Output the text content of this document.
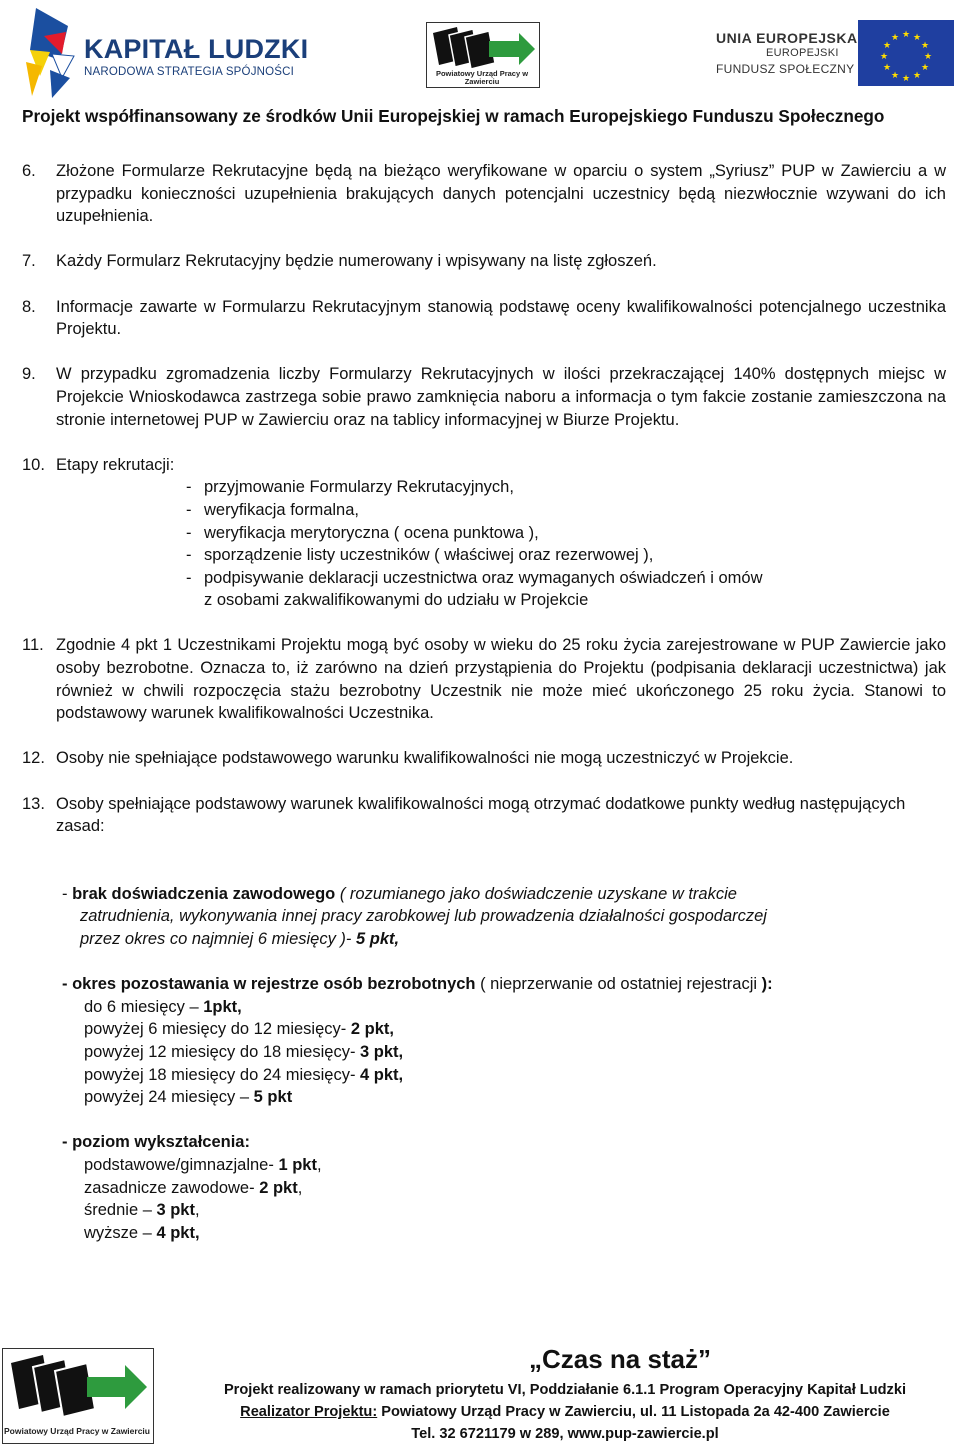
KAPITAŁ LUDZKI
NARODOWA STRATEGIA SPÓJNOŚCI	Powiatowy Urząd Pracy w Zawierciu
UNIA EUROPEJSKA
EUROPEJSKI
FUNDUSZ SPOŁECZNY
★ ★
★
★
★
★
★
★
★
★
★
★
Projekt współfinansowany ze środków Unii Europejskiej w ramach Europejskiego Funduszu Społecznego
6.	Złożone Formularze Rekrutacyjne będą na bieżąco weryfikowane w oparciu o system „Syriusz” PUP w Zawierciu a w przypadku konieczności uzupełnienia brakujących danych potencjalni uczestnicy będą niezwłocznie wzywani do ich uzupełnienia.
7.	Każdy Formularz Rekrutacyjny będzie numerowany i wpisywany na listę zgłoszeń.
8.	Informacje zawarte w Formularzu Rekrutacyjnym stanowią podstawę oceny kwalifikowalności potencjalnego uczestnika Projektu.
9.	W przypadku zgromadzenia liczby Formularzy Rekrutacyjnych w ilości przekraczającej 140% dostępnych miejsc w Projekcie Wnioskodawca zastrzega sobie prawo zamknięcia naboru a informacja o tym fakcie zostanie zamieszczona na stronie internetowej PUP w Zawierciu oraz na tablicy informacyjnej w Biurze Projektu.
10. Etapy rekrutacji:
- przyjmowanie Formularzy Rekrutacyjnych,
- weryfikacja formalna,
- weryfikacja merytoryczna ( ocena punktowa ),
- sporządzenie listy uczestników ( właściwej oraz rezerwowej ),
- podpisywanie deklaracji uczestnictwa oraz wymaganych oświadczeń i omów
z osobami zakwalifikowanymi do udziału w Projekcie
11. Zgodnie 4 pkt 1 Uczestnikami Projektu mogą być osoby w wieku do 25 roku życia zarejestrowane w PUP Zawiercie jako osoby bezrobotne. Oznacza to, iż zarówno na dzień przystąpienia do Projektu (podpisania deklaracji uczestnictwa) jak również w chwili rozpoczęcia stażu bezrobotny Uczestnik nie może mieć ukończonego 25 roku życia. Stanowi to podstawowy warunek kwalifikowalności Uczestnika.
12. Osoby nie spełniające podstawowego warunku kwalifikowalności nie mogą uczestniczyć w Projekcie.
13. Osoby spełniające podstawowy warunek kwalifikowalności mogą otrzymać dodatkowe punkty według następujących zasad:
- brak doświadczenia zawodowego ( rozumianego jako doświadczenie uzyskane w trakcie
zatrudnienia, wykonywania innej pracy zarobkowej lub prowadzenia działalności gospodarczej
przez okres co najmniej 6 miesięcy )- 5 pkt,
- okres pozostawania w rejestrze osób bezrobotnych ( nieprzerwanie od ostatniej rejestracji ):
do 6 miesięcy – 1pkt,
powyżej 6 miesięcy do 12 miesięcy- 2 pkt,
powyżej 12 miesięcy do 18 miesięcy- 3 pkt,
powyżej 18 miesięcy do 24 miesięcy- 4 pkt,
powyżej 24 miesięcy – 5 pkt
- poziom wykształcenia:
podstawowe/gimnazjalne- 1 pkt,
zasadnicze zawodowe- 2 pkt,
średnie – 3 pkt,
wyższe – 4 pkt,
Powiatowy Urząd Pracy w Zawierciu
„Czas na staż”
Projekt realizowany w ramach priorytetu VI, Poddziałanie 6.1.1 Program Operacyjny Kapitał Ludzki
Realizator Projektu: Powiatowy Urząd Pracy w Zawierciu, ul. 11 Listopada 2a 42-400 Zawiercie
Tel. 32 6721179 w 289, www.pup-zawiercie.pl
